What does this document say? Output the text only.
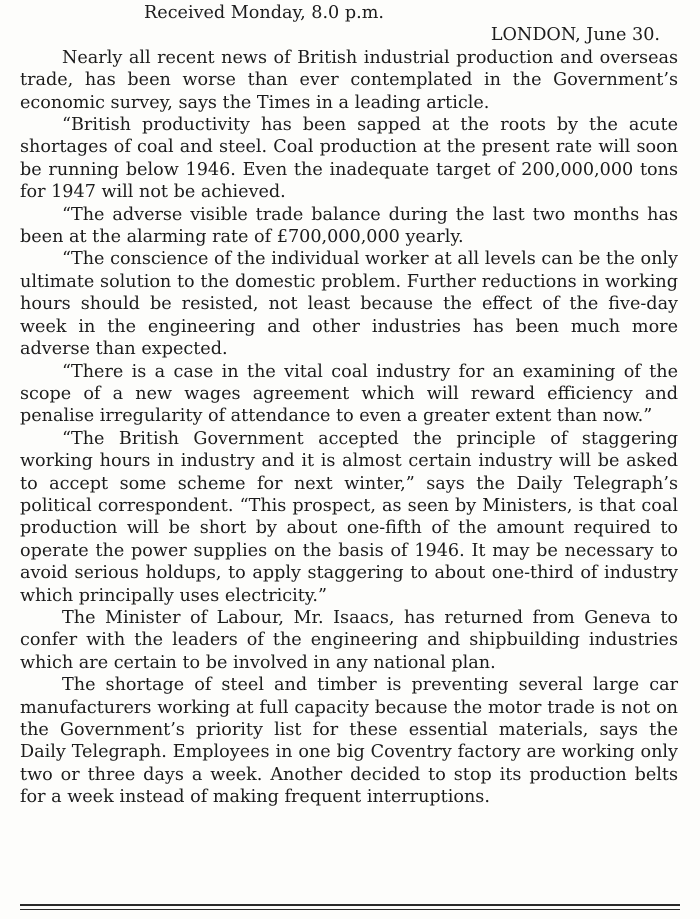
Received Monday, 8.0 p.m.

LONDON, June 30.

Nearly all recent news of British industrial production and overseas trade, has been worse than ever contemplated in the Government’s economic survey, says the Times in a leading article.

“British productivity has been sapped at the roots by the acute shortages of coal and steel. Coal production at the present rate will soon be running below 1946. Even the inadequate target of 200,000,000 tons for 1947 will not be achieved.

“The adverse visible trade balance during the last two months has been at the alarming rate of £700,000,000 yearly.

“The conscience of the individual worker at all levels can be the only ultimate solution to the domestic problem. Further reductions in working hours should be resisted, not least because the effect of the five-day week in the engineering and other industries has been much more adverse than expected.

“There is a case in the vital coal industry for an examining of the scope of a new wages agreement which will reward efficiency and penalise irregularity of attendance to even a greater extent than now.”

“The British Government accepted the principle of staggering working hours in industry and it is almost certain industry will be asked to accept some scheme for next winter,” says the Daily Telegraph’s political correspondent. “This prospect, as seen by Ministers, is that coal production will be short by about one-fifth of the amount required to operate the power supplies on the basis of 1946. It may be necessary to avoid serious holdups, to apply staggering to about one-third of industry which principally uses electricity.”

The Minister of Labour, Mr. Isaacs, has returned from Geneva to confer with the leaders of the engineering and shipbuilding industries which are certain to be involved in any national plan.

The shortage of steel and timber is preventing several large car manufacturers working at full capacity because the motor trade is not on the Government’s priority list for these essential materials, says the Daily Telegraph. Employees in one big Coventry factory are working only two or three days a week. Another decided to stop its production belts for a week instead of making frequent interruptions.
